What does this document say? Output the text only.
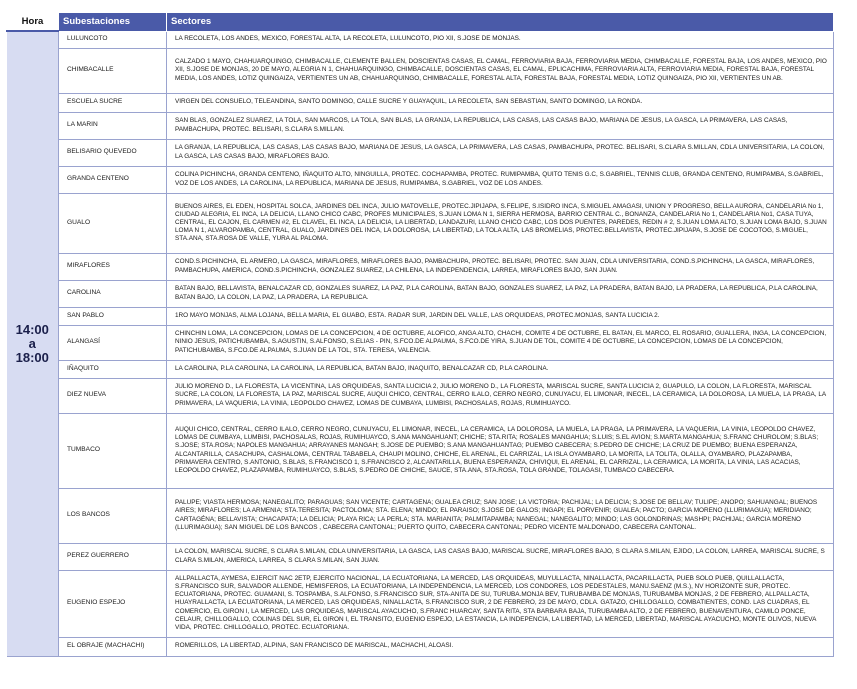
Hora	Subestaciones	Sectores

14:00
a
18:00	LULUNCOTO	LA RECOLETA, LOS ANDES, MEXICO, FORESTAL ALTA, LA RECOLETA, LULUNCOTO, PIO XII, S.JOSE DE MONJAS.
	CHIMBACALLE	CALZADO 1 MAYO, CHAHUARQUINGO, CHIMBACALLE, CLEMENTE BALLEN, DOSCIENTAS CASAS, EL CAMAL, FERROVIARIA BAJA, FERROVIARIA MEDIA, CHIMBACALLE, FORESTAL BAJA, LOS ANDES, MEXICO, PIO XII, S.JOSE DE MONJAS, 20 DE MAYO, ALEGRIA N 1, CHAHUARQUINGO, CHIMBACALLE, DOSCIENTAS CASAS, EL CAMAL, EPLICACHIMA, FERROVIARIA ALTA, FERROVIARIA MEDIA, FORESTAL BAJA, FORESTAL MEDIA, LOS ANDES, LOTIZ QUINGAIZA, VERTIENTES UN AB, CHAHUARQUINGO, CHIMBACALLE, FORESTAL ALTA, FORESTAL BAJA, FORESTAL MEDIA, LOTIZ QUINGAIZA, PIO XII, VERTIENTES UN AB.
	ESCUELA SUCRE	VIRGEN DEL CONSUELO, TELEANDINA, SANTO DOMINGO, CALLE SUCRE Y GUAYAQUIL, LA RECOLETA, SAN SEBASTIAN, SANTO DOMINGO, LA RONDA.
	LA MARIN	SAN BLAS, GONZALEZ SUAREZ, LA TOLA, SAN MARCOS, LA TOLA, SAN BLAS, LA GRANJA, LA REPUBLICA, LAS CASAS, LAS CASAS BAJO, MARIANA DE JESUS, LA GASCA, LA PRIMAVERA, LAS CASAS, PAMBACHUPA, PROTEC. BELISARI, S.CLARA S.MILLAN.
	BELISARIO QUEVEDO	LA GRANJA, LA REPUBLICA, LAS CASAS, LAS CASAS BAJO, MARIANA DE JESUS, LA GASCA, LA PRIMAVERA, LAS CASAS, PAMBACHUPA, PROTEC. BELISARI, S.CLARA S.MILLAN, CDLA UNIVERSITARIA, LA COLON, LA GASCA, LAS CASAS BAJO, MIRAFLORES BAJO.
	GRANDA CENTENO	COLINA PICHINCHA, GRANDA CENTENO, IÑAQUITO ALTO, NINGUILLA, PROTEC. COCHAPAMBA, PROTEC. RUMIPAMBA, QUITO TENIS G.C, S.GABRIEL, TENNIS CLUB, GRANDA CENTENO, RUMIPAMBA, S.GABRIEL, VOZ DE LOS ANDES, LA CAROLINA, LA REPUBLICA, MARIANA DE JESUS, RUMIPAMBA, S.GABRIEL, VOZ DE LOS ANDES.
	GUALO	BUENOS AIRES, EL EDEN, HOSPITAL SOLCA, JARDINES DEL INCA, JULIO MATOVELLE, PROTEC.JIPIJAPA, S.FELIPE, S.ISIDRO INCA, S.MIGUEL AMAGASI, UNION Y PROGRESO, BELLA AURORA, CANDELARIA No 1, CIUDAD ALEGRIA, EL INCA, LA DELICIA, LLANO CHICO CABC, PROFES MUNICIPALES, S.JUAN LOMA N 1, SIERRA HERMOSA, BARRIO CENTRAL C., BONANZA, CANDELARIA No 1, CANDELARIA No1, CASA TUYA, CENTRAL, EL CAJON, EL CARMEN #2, EL CLAVEL, EL INCA, LA DELICIA, LA LIBERTAD, LANDAZURI, LLANO CHICO CABC, LOS DOS PUENTES, PAREDES, REDIN # 2, S.JUAN LOMA ALTO, S.JUAN LOMA BAJO, S.JUAN LOMA N 1, ALVAROPAMBA, CENTRAL, GUALO, JARDINES DEL INCA, LA DOLOROSA, LA LIBERTAD, LA TOLA ALTA, LAS BROMELIAS, PROTEC.BELLAVISTA, PROTEC.JIPIJAPA, S.JOSE DE COCOTOG, S.MIGUEL, STA.ANA, STA.ROSA DE VALLE, YURA AL PALOMA.
	MIRAFLORES	COND.S.PICHINCHA, EL ARMERO, LA GASCA, MIRAFLORES, MIRAFLORES BAJO, PAMBACHUPA, PROTEC. BELISARI, PROTEC. SAN JUAN, CDLA UNIVERSITARIA, COND.S.PICHINCHA, LA GASCA, MIRAFLORES, PAMBACHUPA, AMERICA, COND.S.PICHINCHA, GONZALEZ SUAREZ, LA CHILENA, LA INDEPENDENCIA, LARREA, MIRAFLORES BAJO, SAN JUAN.
	CAROLINA	BATAN BAJO, BELLAVISTA, BENALCAZAR CD, GONZALES SUAREZ, LA PAZ, P.LA CAROLINA, BATAN BAJO, GONZALES SUAREZ, LA PAZ, LA PRADERA, BATAN BAJO, LA PRADERA, LA REPUBLICA, P.LA CAROLINA, BATAN BAJO, LA COLON, LA PAZ, LA PRADERA, LA REPUBLICA.
	SAN PABLO	1RO MAYO MONJAS, ALMA LOJANA, BELLA MARIA, EL GUABO, ESTA. RADAR SUR, JARDIN DEL VALLE, LAS ORQUIDEAS, PROTEC.MONJAS, SANTA LUCICIA 2.
	ALANGASÍ	CHINCHIN LOMA, LA CONCEPCION, LOMAS DE LA CONCEPCION, 4 DE OCTUBRE, ALOFICO, ANGA ALTO, CHACHI, COMITE 4 DE OCTUBRE, EL BATAN, EL MARCO, EL ROSARIO, GUALLERA, INGA, LA CONCEPCION, NINIO JESUS, PATICHUBAMBA, S.AGUSTIN, S.ALFONSO, S.ELIAS - PIN, S.FCO.DE ALPAUMA, S.FCO.DE YIRA, S.JUAN DE TOL, COMITE 4 DE OCTUBRE, LA CONCEPCION, LOMAS DE LA CONCEPCION, PATICHUBAMBA, S.FCO.DE ALPAUMA, S.JUAN DE LA TOL, STA. TERESA, VALENCIA.
	IÑAQUITO	LA CAROLINA, P.LA CAROLINA, LA CAROLINA, LA REPUBLICA, BATAN BAJO, INAQUITO, BENALCAZAR CD, P.LA CAROLINA.
	DIEZ NUEVA	JULIO MORENO D., LA FLORESTA, LA VICENTINA, LAS ORQUIDEAS, SANTA LUCICIA 2, JULIO MORENO D., LA FLORESTA, MARISCAL SUCRE, SANTA LUCICIA 2, GUAPULO, LA COLON, LA FLORESTA, MARISCAL SUCRE, LA COLON, LA FLORESTA, LA PAZ, MARISCAL SUCRE, AUQUI CHICO, CENTRAL, CERRO ILALO, CERRO NEGRO, CUNUYACU, EL LIMONAR, INECEL, LA CERAMICA, LA DOLOROSA, LA MUELA, LA PRAGA, LA PRIMAVERA, LA VAQUERIA, LA VINIA, LEOPOLDO CHAVEZ, LOMAS DE CUMBAYA, LUMBISI, PACHOSALAS, ROJAS, RUMIHUAYCO.
	TUMBACO	AUQUI CHICO, CENTRAL, CERRO ILALO, CERRO NEGRO, CUNUYACU, EL LIMONAR, INECEL, LA CERAMICA, LA DOLOROSA, LA MUELA, LA PRAGA, LA PRIMAVERA, LA VAQUERIA, LA VINIA, LEOPOLDO CHAVEZ, LOMAS DE CUMBAYA, LUMBISI, PACHOSALAS, ROJAS, RUMIHUAYCO, S.ANA MANGAHUANT; CHICHE; STA.RITA; ROSALES MANGAHUA; S.LUIS; S.EL AVION; S.MARTA MANGAHUA; S.FRANC CHUROLOM; S.BLAS; S.JOSE; STA.ROSA; NAPOLES MANGAHUA; ARRAYANES MANGAH; S.JOSE DE PUEMBO; S.ANA MANGAHUANTAG; PUEMBO CABECERA; S.PEDRO DE CHICHE; LA CRUZ DE PUEMBO; BUENA ESPERANZA, ALCANTARILLA, CASACHUPA, CASHALOMA, CENTRAL TABABELA, CHAUPI MOLINO, CHICHE, EL ARENAL, EL CARRIZAL, LA ISLA OYAMBARO, LA MORITA, LA TOLITA, OLALLA, OYAMBARO, PLAZAPAMBA, PRIMAVERA CENTRO, S.ANTONIO, S.BLAS, S.FRANCISCO 1, S.FRANCISCO 2, ALCANTARILLA, BUENA ESPERANZA, CHIVIQUI, EL ARENAL, EL CARRIZAL, LA CERAMICA, LA MORITA, LA VINIA, LAS ACACIAS, LEOPOLDO CHAVEZ, PLAZAPAMBA, RUMIHUAYCO, S.BLAS, S.PEDRO DE CHICHE, SAUCE, STA.ANA, STA.ROSA, TOLA GRANDE, TOLAGASI, TUMBACO CABECERA.
	LOS BANCOS	PALUPE; VIASTA HERMOSA; NANEGALITO; PARAGUAS; SAN VICENTE; CARTAGENA; GUALEA CRUZ; SAN JOSE; LA VICTORIA; PACHIJAL; LA DELICIA; S.JOSE DE BELLAV; TULIPE; ANOPO; SAHUANGAL; BUENOS AIRES; MIRAFLORES; LA ARMENIA; STA.TERESITA; PACTOLOMA; STA. ELENA; MINDO; EL PARAISO; S.JOSE DE GALOS; INGAPI; EL PORVENIR; GUALEA; PACTO; GARCIA MORENO (LLURIMAGUA); MERIDIANO; CARTAGÉNA; BELLAVISTA; CHACAPATA; LA DELICIA; PLAYA RICA; LA PERLA; STA. MARIANITA; PALMITAPAMBA; NANEGAL; NANEGALITO; MINDO; LAS GOLONDRINAS; MASHPI; PACHIJAL; GARCIA MORENO (LLURIMAGUA); SAN MIGUEL DE LOS BANCOS , CABECERA CANTONAL; PUERTO QUITO, CABECERA CANTONAL; PEDRO VICENTE MALDONADO, CABECERA CANTONAL.
	PEREZ GUERRERO	LA COLON, MARISCAL SUCRE, S CLARA S.MILAN, CDLA UNIVERSITARIA, LA GASCA, LAS CASAS BAJO, MARISCAL SUCRE, MIRAFLORES BAJO, S CLARA S.MILAN, EJIDO, LA COLON, LARREA, MARISCAL SUCRE, S CLARA S.MILAN, AMERICA, LARREA, S CLARA S.MILAN, SAN JUAN.
	EUGENIO ESPEJO	ALLPALLACTA, AYMESA, EJERCIT NAC 2ETP, EJERCITO NACIONAL, LA ECUATORIANA, LA MERCED, LAS ORQUIDEAS, MUYULLACTA, NINALLACTA, PACARILLACTA, PUEB SOLO PUEB, QUILLALLACTA, S.FRANCISCO SUR, SALVADOR ALLENDE, HEMISFEROS, LA ECUATORIANA, LA INDEPENDENCIA, LA MERCED, LOS CONDORES, LOS PEDESTALES, MANU.SAENZ (M.S.), NV HORIZONTE SUR, PROTEC. ECUATORIANA, PROTEC. GUAMANI, S. TOSPAMBA, S.ALFONSO, S.FRANCISCO SUR, STA-ANITA DE SU, TURUBA.MONJA BEV, TURUBAMBA DE MONJAS, TURUBAMBA MONJAS, 2 DE FEBRERO, ALLPALLACTA, HUAYRALLACTA, LA ECUATORIANA, LA MERCED, LAS ORQUIDEAS, NINALLACTA, S.FRANCISCO SUR, 2 DE FEBRERO, 23 DE MAYO, CDLA. GATAZO, CHILLOGALLO, COMBATIENTES, COND. LAS CUADRAS, EL COMERCIO, EL GIRON I, LA MERCED, LAS ORQUIDEAS, MARISCAL AYACUCHO, S.FRANC HUARCAY, SANTA RITA, STA BARBARA BAJA, TURUBAMBA ALTO, 2 DE FEBRERO, BUENAVENTURA, CAMILO PONCE, CELAUR, CHILLOGALLO, COLINAS DEL SUR, EL GIRON I, EL TRANSITO, EUGENIO ESPEJO, LA ESTANCIA, LA INDEPENCIA, LA LIBERTAD, LA MERCED, LIBERTAD, MARISCAL AYACUCHO, MONTE OLIVOS, NUEVA VIDA, PROTEC. CHILLOGALLO, PROTEC. ECUATORIANA.
	EL OBRAJE (MACHACHI)	ROMERILLOS, LA LIBERTAD, ALPINA, SAN FRANCISCO DE MARISCAL, MACHACHI, ALOASI.
